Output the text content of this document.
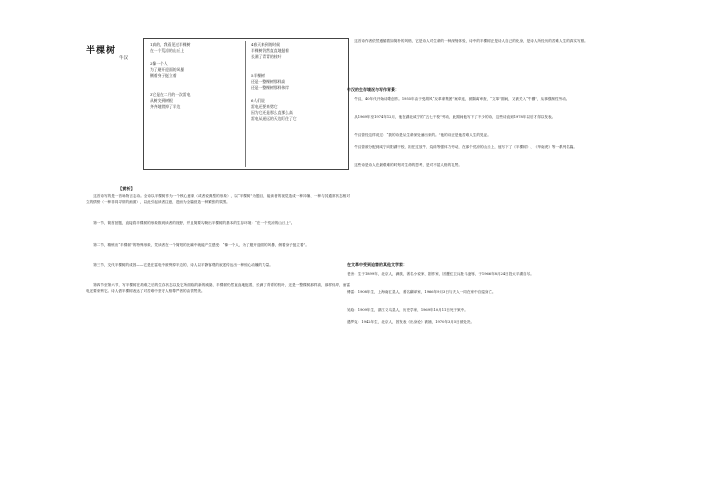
半棵树
牛汉
1真的，我看见过半棵树
在一个荒凉的山丘上
2像一个人
为了避开迎面的风暴
侧着身子挺立着
3它是在二月的一次雷电
从树尖到树根
齐齐地劈掉了半边
4春天来到的时候
半棵树仍然直直地挺着
长满了青青的枝叶
5半棵树
还是一整棵树那样高
还是一整棵树那样伟岸
6人们说
雷电还要来劈它
因为它还是那么直那么高
雷电从遥远的天边盯住了它
【赏析】
这首诗写的是一首咏物言志诗。全诗以半棵树作为一个核心意象（或者说典型的形象），以“半棵树”为题目，能读者的视觉造成一种冲撞、一种与其通常状态相对立的情势（一种非同寻常的画面），以此引起读者注意，进而为全篇营造一种紧张的氛围。
第一节，简首拍题，直接将半棵树的形象推到读者的视野，并且简要勾勒出半棵树的基本的生存环境：“在一个荒凉的山丘上”。
第二节，精炼出“半棵树”的特殊形象，凭读者在一个简短的比喻中就能产生感受：“像一个人，为了避开迎面的风暴，侧着身子挺立着”。
第三节，交代半棵树的成因——它是在雷电中被劈掉半边的，诗人以平静客观的叙述传达出一种惊心动魄的力量。
第四节至第六节，写半棵树在劫难之后的生存状态以及它所面临的新的威胁，半棵树仍然直直地挺着，长满了青青的枝叶，还是一整棵树那样高，那样伟岸，而雷电还要来劈它。诗人借半棵树表达了对苦难中坚守人格尊严者的由衷赞美。
这首诗作者依然遵循着如简朴的风格，它是诗人对生命的一种深刻体验，诗中的半棵树正是诗人自己的化身，是诗人所经历的苦难人生的真实写照。
牛汉的生存境况与写作背景：
牛汉，40年代开始诗歌创作。1955年由于受胡风“反革命集团”案牵连，被隔离审查，“文革”期间，又被关入“牛棚”，从事强制性劳动。
从1969年至1974年12月，他在湖北咸宁的“五七干校”劳动，此期间他写下了不少的诗，这些诗直到1978年以后才得以发表。
牛汉曾经这样说过：“我的诗是从生命深处涌出来的。”他的诗正是他苦难人生的见证。
牛汉曾被分配到咸宁向阳湖干校，担任过放牛、烧砖等强体力劳动，在那个荒凉的山丘上，他写下了《半棵树》、《华南虎》等一系列名篇。
这些诗是诗人在最艰难的时刻对生命的思考，是对不屈人格的礼赞。
在文革中受到迫害的其他文学家：
老舍：生于1899年，北京人，满族，著名小说家、剧作家，因遭红卫兵批斗凌辱，于1966年8月24日投太平湖自尽。
傅雷：1908年生，上海南汇县人，著名翻译家，1966年9月3日与夫人一同在家中自缢身亡。
吴晗：1909年生，浙江义乌县人，历史学家，1969年10月11日死于狱中。
遇罗克：1942年生，北京人，因发表《出身论》被捕，1970年3月5日被处决。
